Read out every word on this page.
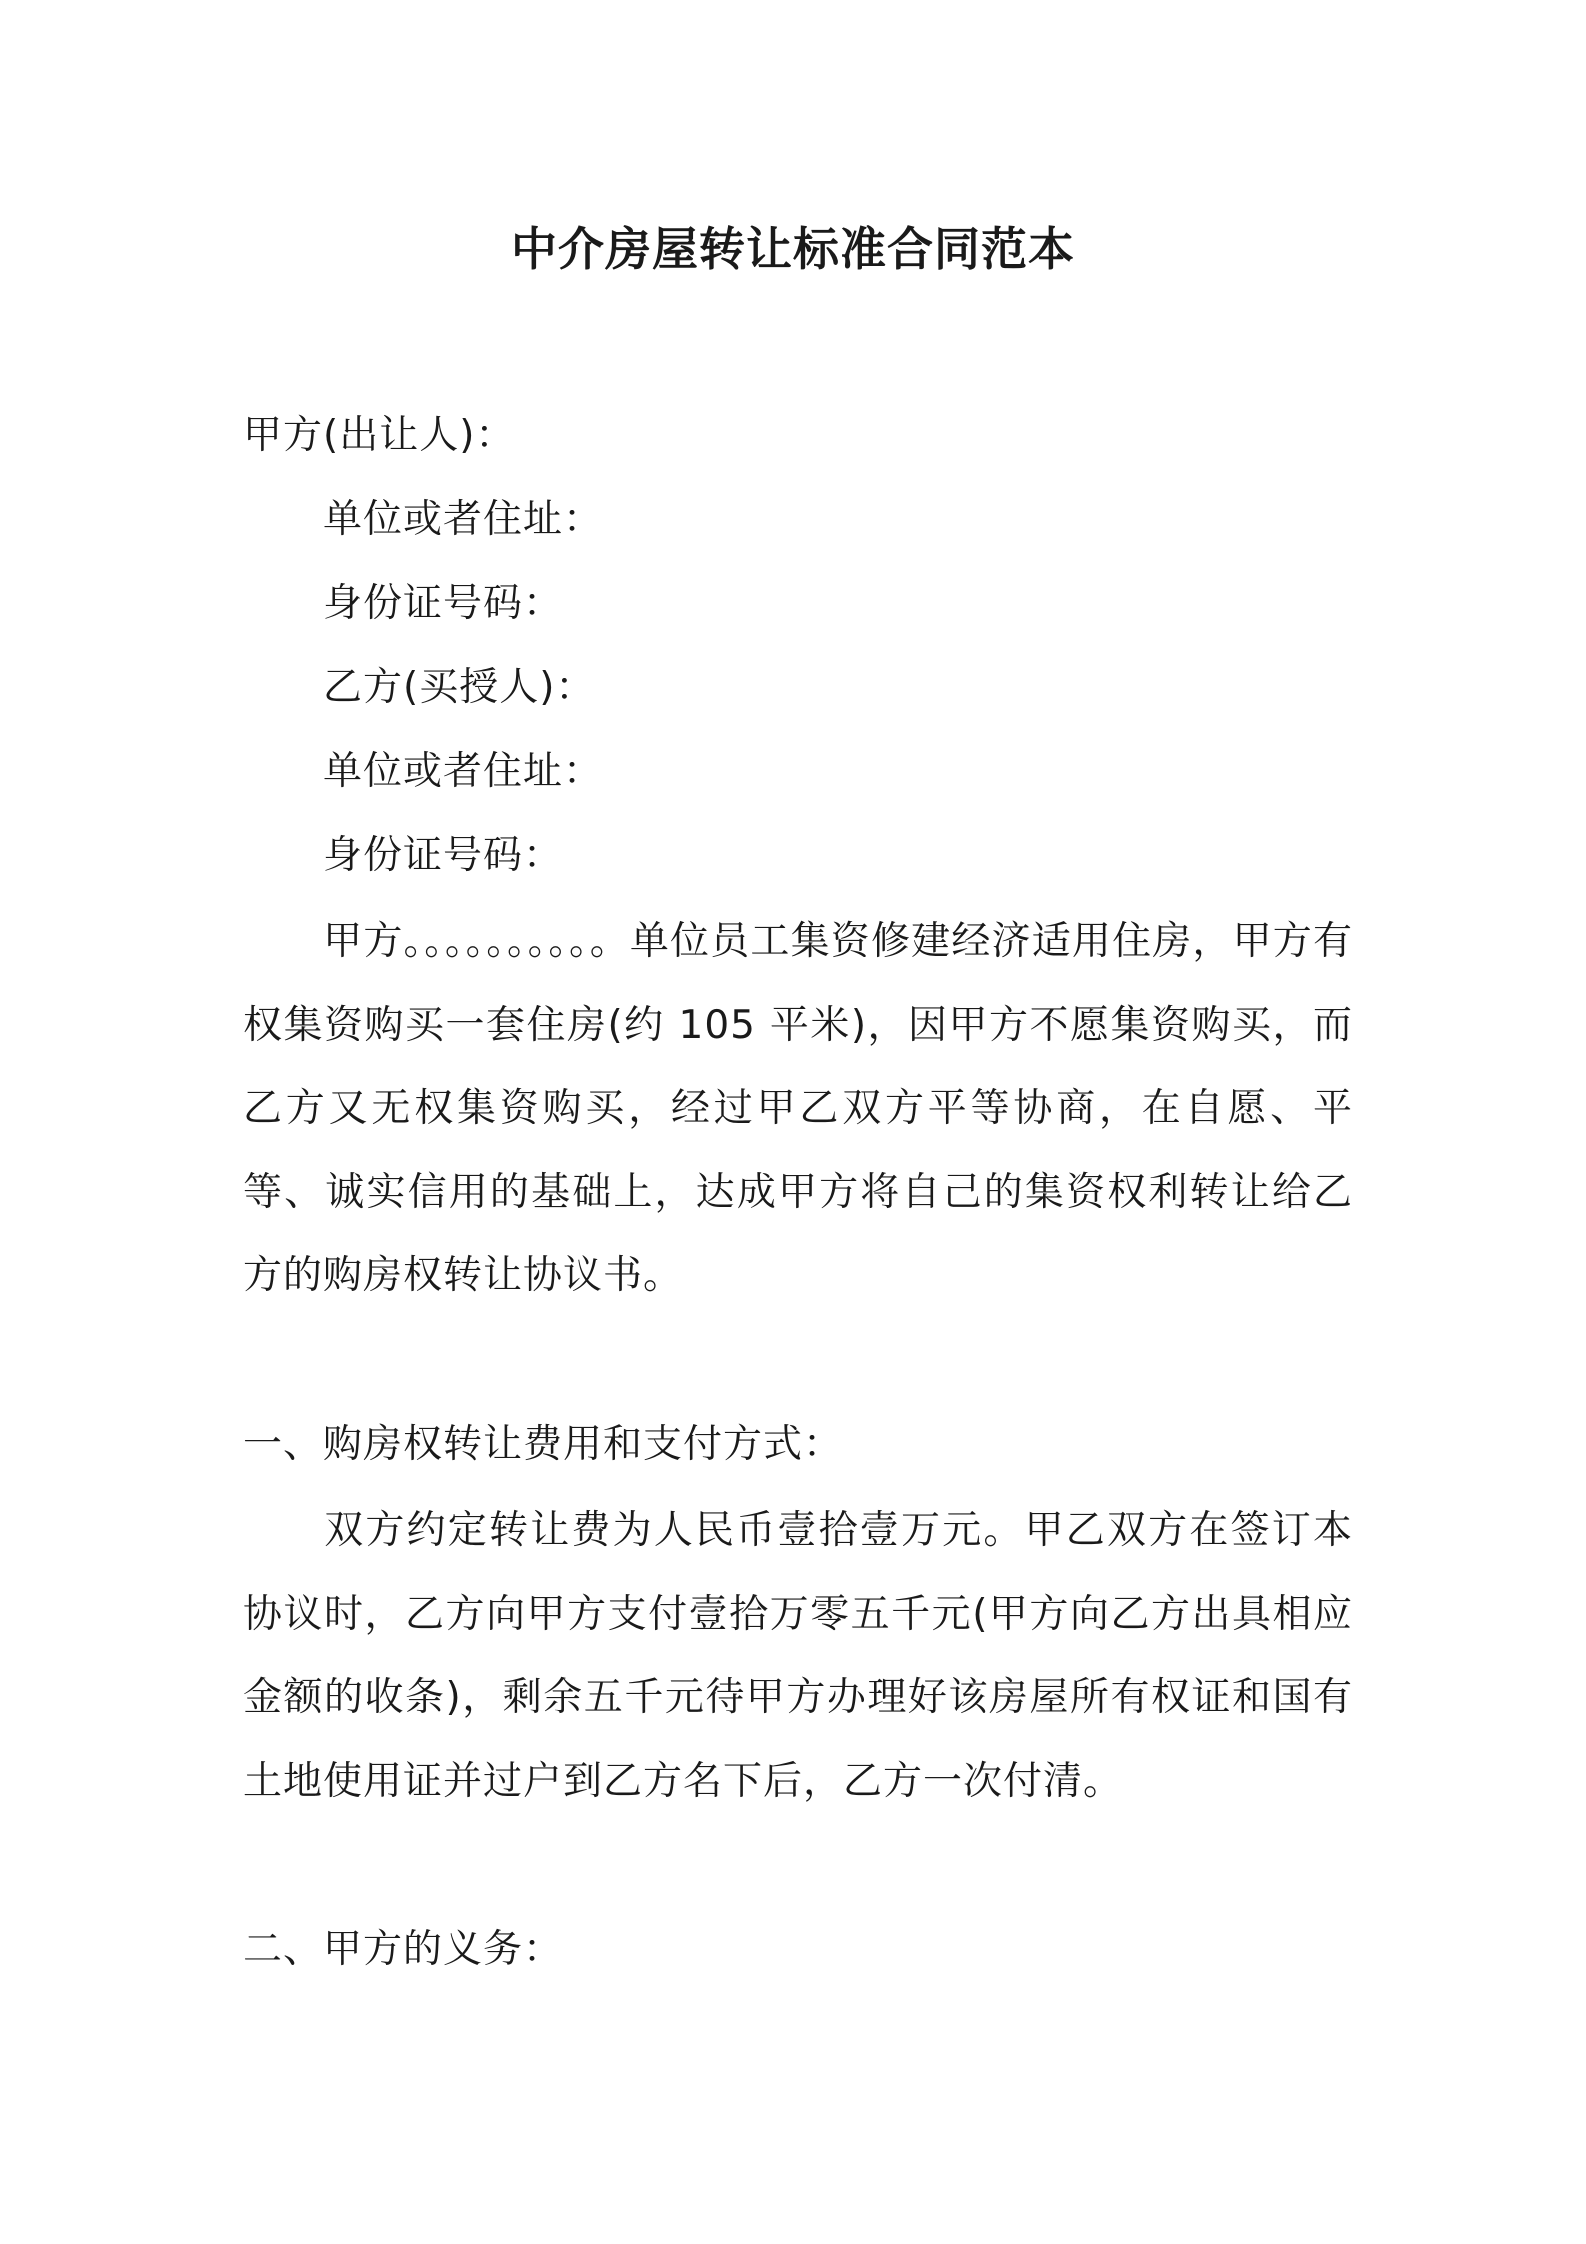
中介房屋转让标准合同范本
甲方(出让人)：
单位或者住址：
身份证号码：
乙方(买授人)：
单位或者住址：
身份证号码：

甲方。。。。。。。。。。单位员工集资修建经济适用住房，甲方有权集资购买一套住房(约 105 平米)，因甲方不愿集资购买，而乙方又无权集资购买，经过甲乙双方平等协商，在自愿、平等、诚实信用的基础上，达成甲方将自己的集资权利转让给乙方的购房权转让协议书。

一、购房权转让费用和支付方式：

双方约定转让费为人民币壹拾壹万元。甲乙双方在签订本协议时，乙方向甲方支付壹拾万零五千元(甲方向乙方出具相应金额的收条)，剩余五千元待甲方办理好该房屋所有权证和国有土地使用证并过户到乙方名下后，乙方一次付清。

二、甲方的义务：
